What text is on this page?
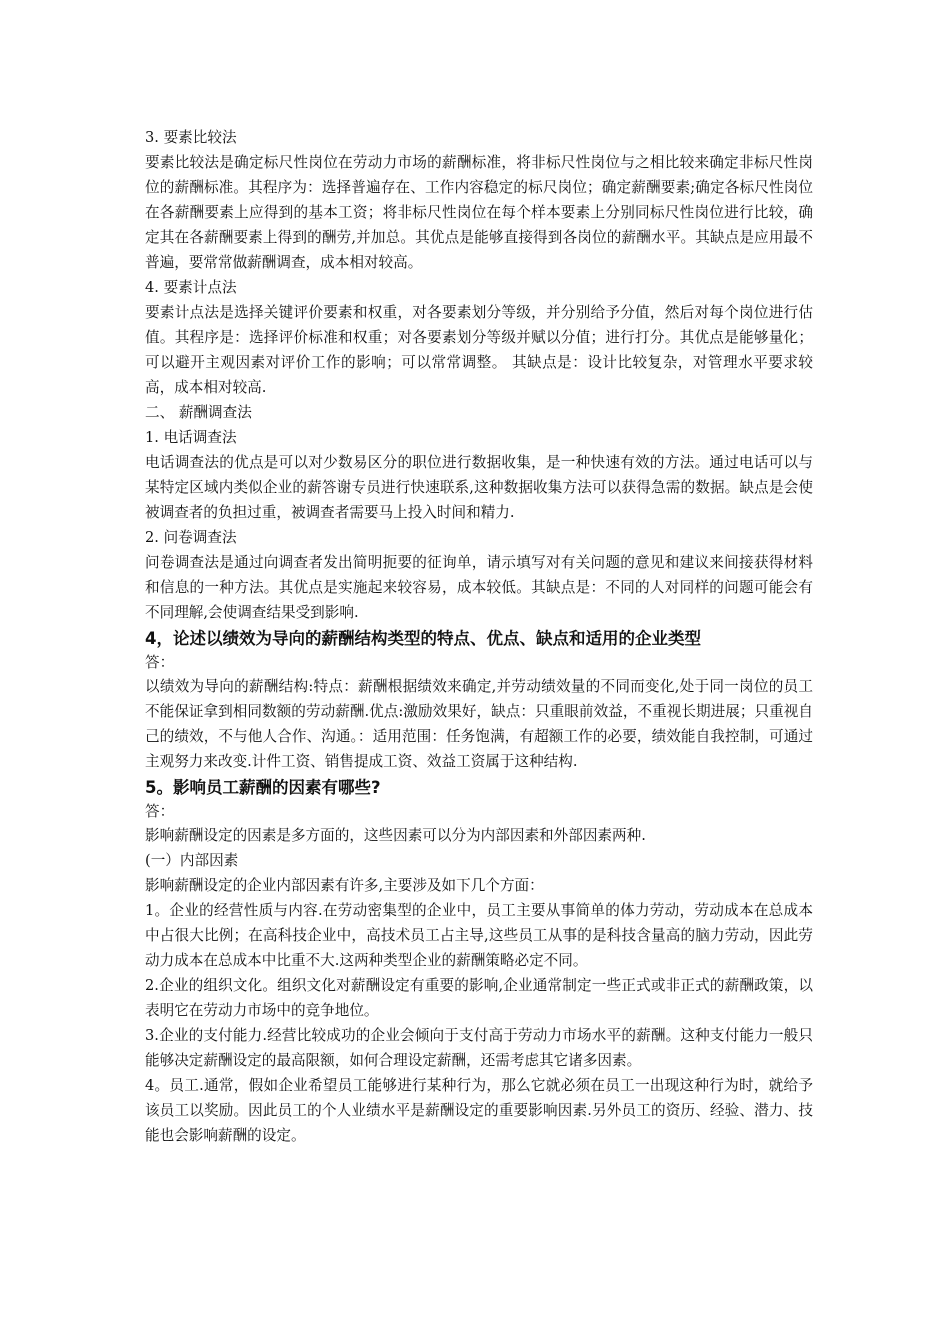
3. 要素比较法

要素比较法是确定标尺性岗位在劳动力市场的薪酬标准，将非标尺性岗位与之相比较来确定非标尺性岗位的薪酬标准。其程序为：选择普遍存在、工作内容稳定的标尺岗位；确定薪酬要素;确定各标尺性岗位在各薪酬要素上应得到的基本工资；将非标尺性岗位在每个样本要素上分别同标尺性岗位进行比较，确定其在各薪酬要素上得到的酬劳,并加总。其优点是能够直接得到各岗位的薪酬水平。其缺点是应用最不普遍，要常常做薪酬调查，成本相对较高。

4. 要素计点法

要素计点法是选择关键评价要素和权重，对各要素划分等级，并分别给予分值，然后对每个岗位进行估值。其程序是：选择评价标准和权重；对各要素划分等级并赋以分值；进行打分。其优点是能够量化；可以避开主观因素对评价工作的影响；可以常常调整。 其缺点是：设计比较复杂，对管理水平要求较高，成本相对较高.

二、 薪酬调查法

1. 电话调查法

电话调查法的优点是可以对少数易区分的职位进行数据收集，是一种快速有效的方法。通过电话可以与某特定区域内类似企业的薪答谢专员进行快速联系,这种数据收集方法可以获得急需的数据。缺点是会使被调查者的负担过重，被调查者需要马上投入时间和精力.

2. 问卷调查法

问卷调查法是通过向调查者发出简明扼要的征询单，请示填写对有关问题的意见和建议来间接获得材料和信息的一种方法。其优点是实施起来较容易，成本较低。其缺点是：不同的人对同样的问题可能会有不同理解,会使调查结果受到影响.

4，论述以绩效为导向的薪酬结构类型的特点、优点、缺点和适用的企业类型

答：

以绩效为导向的薪酬结构:特点：薪酬根据绩效来确定,并劳动绩效量的不同而变化,处于同一岗位的员工不能保证拿到相同数额的劳动薪酬.优点:激励效果好，缺点：只重眼前效益，不重视长期进展；只重视自己的绩效，不与他人合作、沟通。：适用范围：任务饱满，有超额工作的必要，绩效能自我控制，可通过主观努力来改变.计件工资、销售提成工资、效益工资属于这种结构.

5。影响员工薪酬的因素有哪些?

答：

影响薪酬设定的因素是多方面的，这些因素可以分为内部因素和外部因素两种.

(一）内部因素

影响薪酬设定的企业内部因素有许多,主要涉及如下几个方面：

1。企业的经营性质与内容.在劳动密集型的企业中，员工主要从事简单的体力劳动，劳动成本在总成本中占很大比例；在高科技企业中，高技术员工占主导,这些员工从事的是科技含量高的脑力劳动，因此劳动力成本在总成本中比重不大.这两种类型企业的薪酬策略必定不同。

2.企业的组织文化。组织文化对薪酬设定有重要的影响,企业通常制定一些正式或非正式的薪酬政策，以表明它在劳动力市场中的竞争地位。

3.企业的支付能力.经营比较成功的企业会倾向于支付高于劳动力市场水平的薪酬。这种支付能力一般只能够决定薪酬设定的最高限额，如何合理设定薪酬，还需考虑其它诸多因素。

4。员工.通常，假如企业希望员工能够进行某种行为，那么它就必须在员工一出现这种行为时，就给予该员工以奖励。因此员工的个人业绩水平是薪酬设定的重要影响因素.另外员工的资历、经验、潜力、技能也会影响薪酬的设定。
